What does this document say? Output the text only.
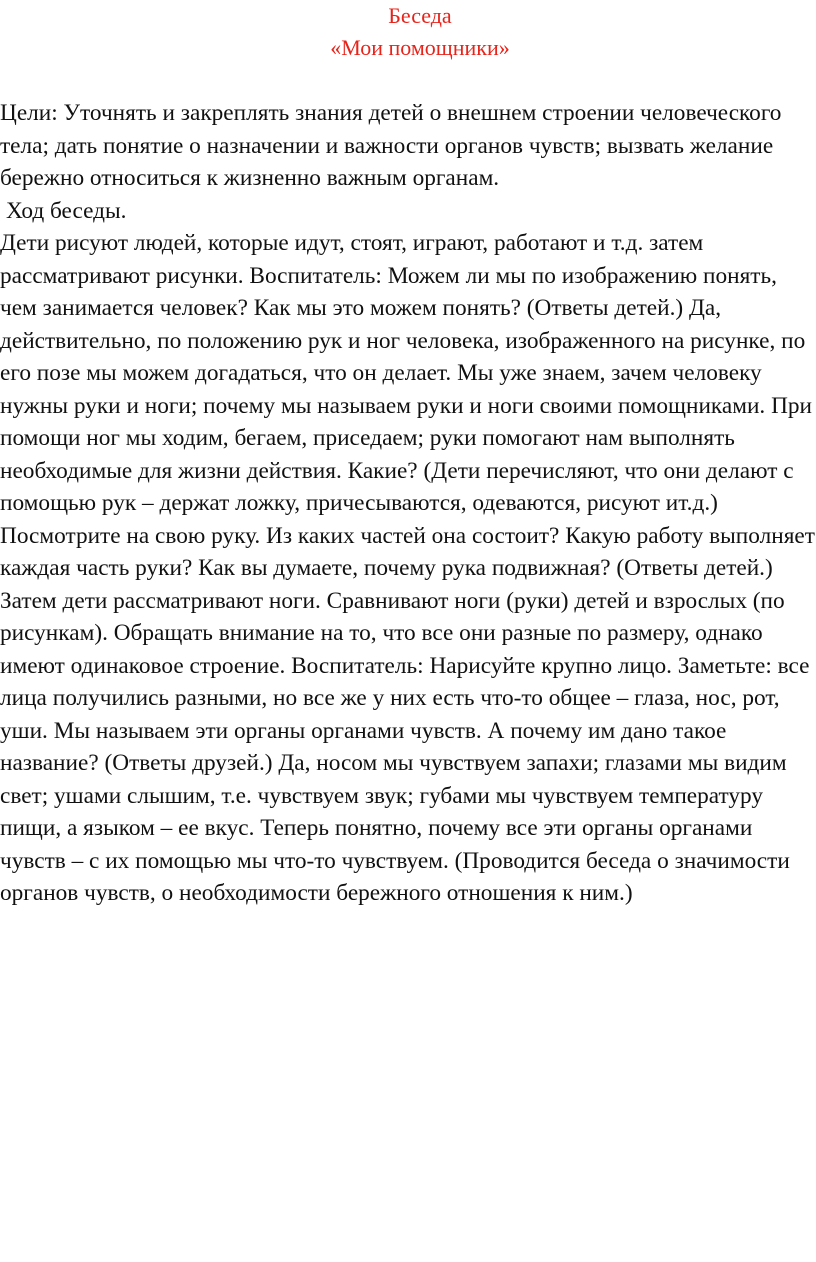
Беседа
«Мои помощники»

Цели: Уточнять и закреплять знания детей о внешнем строении человеческого тела; дать понятие о назначении и важности органов чувств; вызвать желание бережно относиться к жизненно важным органам.

Ход беседы.

Дети рисуют людей, которые идут, стоят, играют, работают и т.д. затем рассматривают рисунки. Воспитатель: Можем ли мы по изображению понять, чем занимается человек? Как мы это можем понять? (Ответы детей.) Да, действительно, по положению рук и ног человека, изображенного на рисунке, по его позе мы можем догадаться, что он делает. Мы уже знаем, зачем человеку нужны руки и ноги; почему мы называем руки и ноги своими помощниками. При помощи ног мы ходим, бегаем, приседаем; руки помогают нам выполнять необходимые для жизни действия. Какие? (Дети перечисляют, что они делают с помощью рук – держат ложку, причесываются, одеваются, рисуют ит.д.) Посмотрите на свою руку. Из каких частей она состоит? Какую работу выполняет каждая часть руки? Как вы думаете, почему рука подвижная? (Ответы детей.) Затем дети рассматривают ноги. Сравнивают ноги (руки) детей и взрослых (по рисункам). Обращать внимание на то, что все они разные по размеру, однако имеют одинаковое строение. Воспитатель: Нарисуйте крупно лицо. Заметьте: все лица получились разными, но все же у них есть что-то общее – глаза, нос, рот, уши. Мы называем эти органы органами чувств. А почему им дано такое название? (Ответы друзей.) Да, носом мы чувствуем запахи; глазами мы видим свет; ушами слышим, т.е. чувствуем звук; губами мы чувствуем температуру пищи, а языком – ее вкус. Теперь понятно, почему все эти органы органами чувств – с их помощью мы что-то чувствуем. (Проводится беседа о значимости органов чувств, о необходимости бережного отношения к ним.)
